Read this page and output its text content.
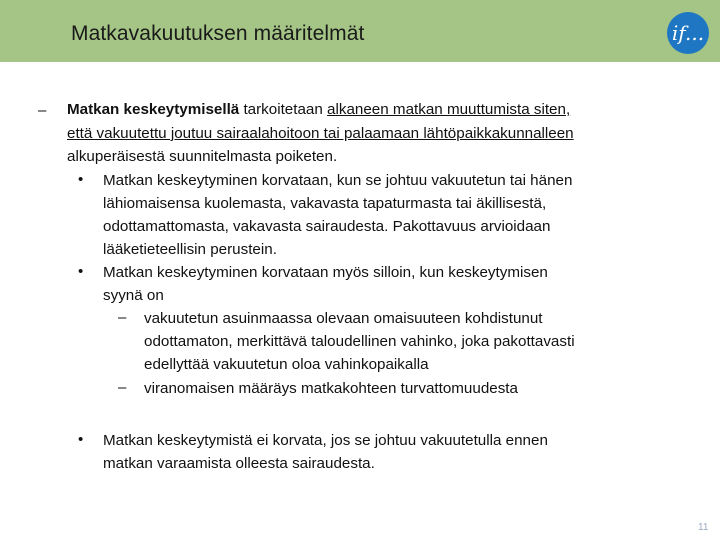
Matkavakuutuksen määritelmät	if...
– Matkan keskeytymisellä tarkoitetaan alkaneen matkan muuttumista siten,
että vakuutettu joutuu sairaalahoitoon tai palaamaan lähtöpaikkakunnalleen
alkuperäisestä suunnitelmasta poiketen.
• Matkan keskeytyminen korvataan, kun se johtuu vakuutetun tai hänen
lähiomaisensa kuolemasta, vakavasta tapaturmasta tai äkillisestä,
odottamattomasta, vakavasta sairaudesta. Pakottavuus arvioidaan
lääketieteellisin perustein.
• Matkan keskeytyminen korvataan myös silloin, kun keskeytymisen
syynä on
– vakuutetun asuinmaassa olevaan omaisuuteen kohdistunut
odottamaton, merkittävä taloudellinen vahinko, joka pakottavasti
edellyttää vakuutetun oloa vahinkopaikalla
– viranomaisen määräys matkakohteen turvattomuudesta
• Matkan keskeytymistä ei korvata, jos se johtuu vakuutetulla ennen
matkan varaamista olleesta sairaudesta.
11
